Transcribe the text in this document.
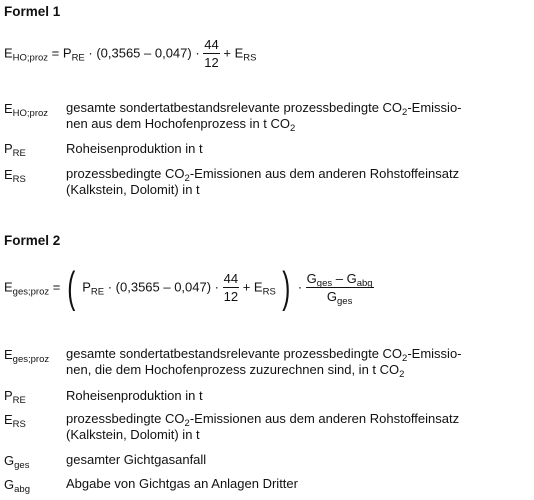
Formel 1
$E_{HO;proz} = P_{RE} \cdot (0,3565 - 0,047) \cdot \frac{44}{12} + E_{RS}$
$E_{HO;proz}$ gesamte sondertatbestandsrelevante prozessbedingte $CO_2-Emissio-$
nen aus dem Hochofenprozess in t $CO_2$
$P_{RE}$	Roheisenproduktion in t
$E_{RS}$	prozessbedingte $CO_2$-Emissionen aus dem anderen Rohstoffeinsatz
(Kalkstein, Dolomit) in t
Formel 2
$E_{ges;proz}$ = ( $P_{RE} \cdot (0,3565 - 0,047) \cdot \frac{44}{12} + E_{RS}$ ) · $\frac{G_{ges} - G_{abg}}{G_{ges}}$
$E_{ges;proz}$ gesamte sondertatbestandsrelevante prozessbedingte $CO_2-Emissio-$
nen, die dem Hochofenprozess zuzurechnen sind, in t $CO_2$
$P_{RE}$	Roheisenproduktion in t
$E_{RS}$	prozessbedingte $CO_2$-Emissionen aus dem anderen Rohstoffeinsatz
(Kalkstein, Dolomit) in t
$G_{ges}$	gesamter Gichtgasanfall
$G_{abg}$	Abgabe von Gichtgas an Anlagen Dritter
